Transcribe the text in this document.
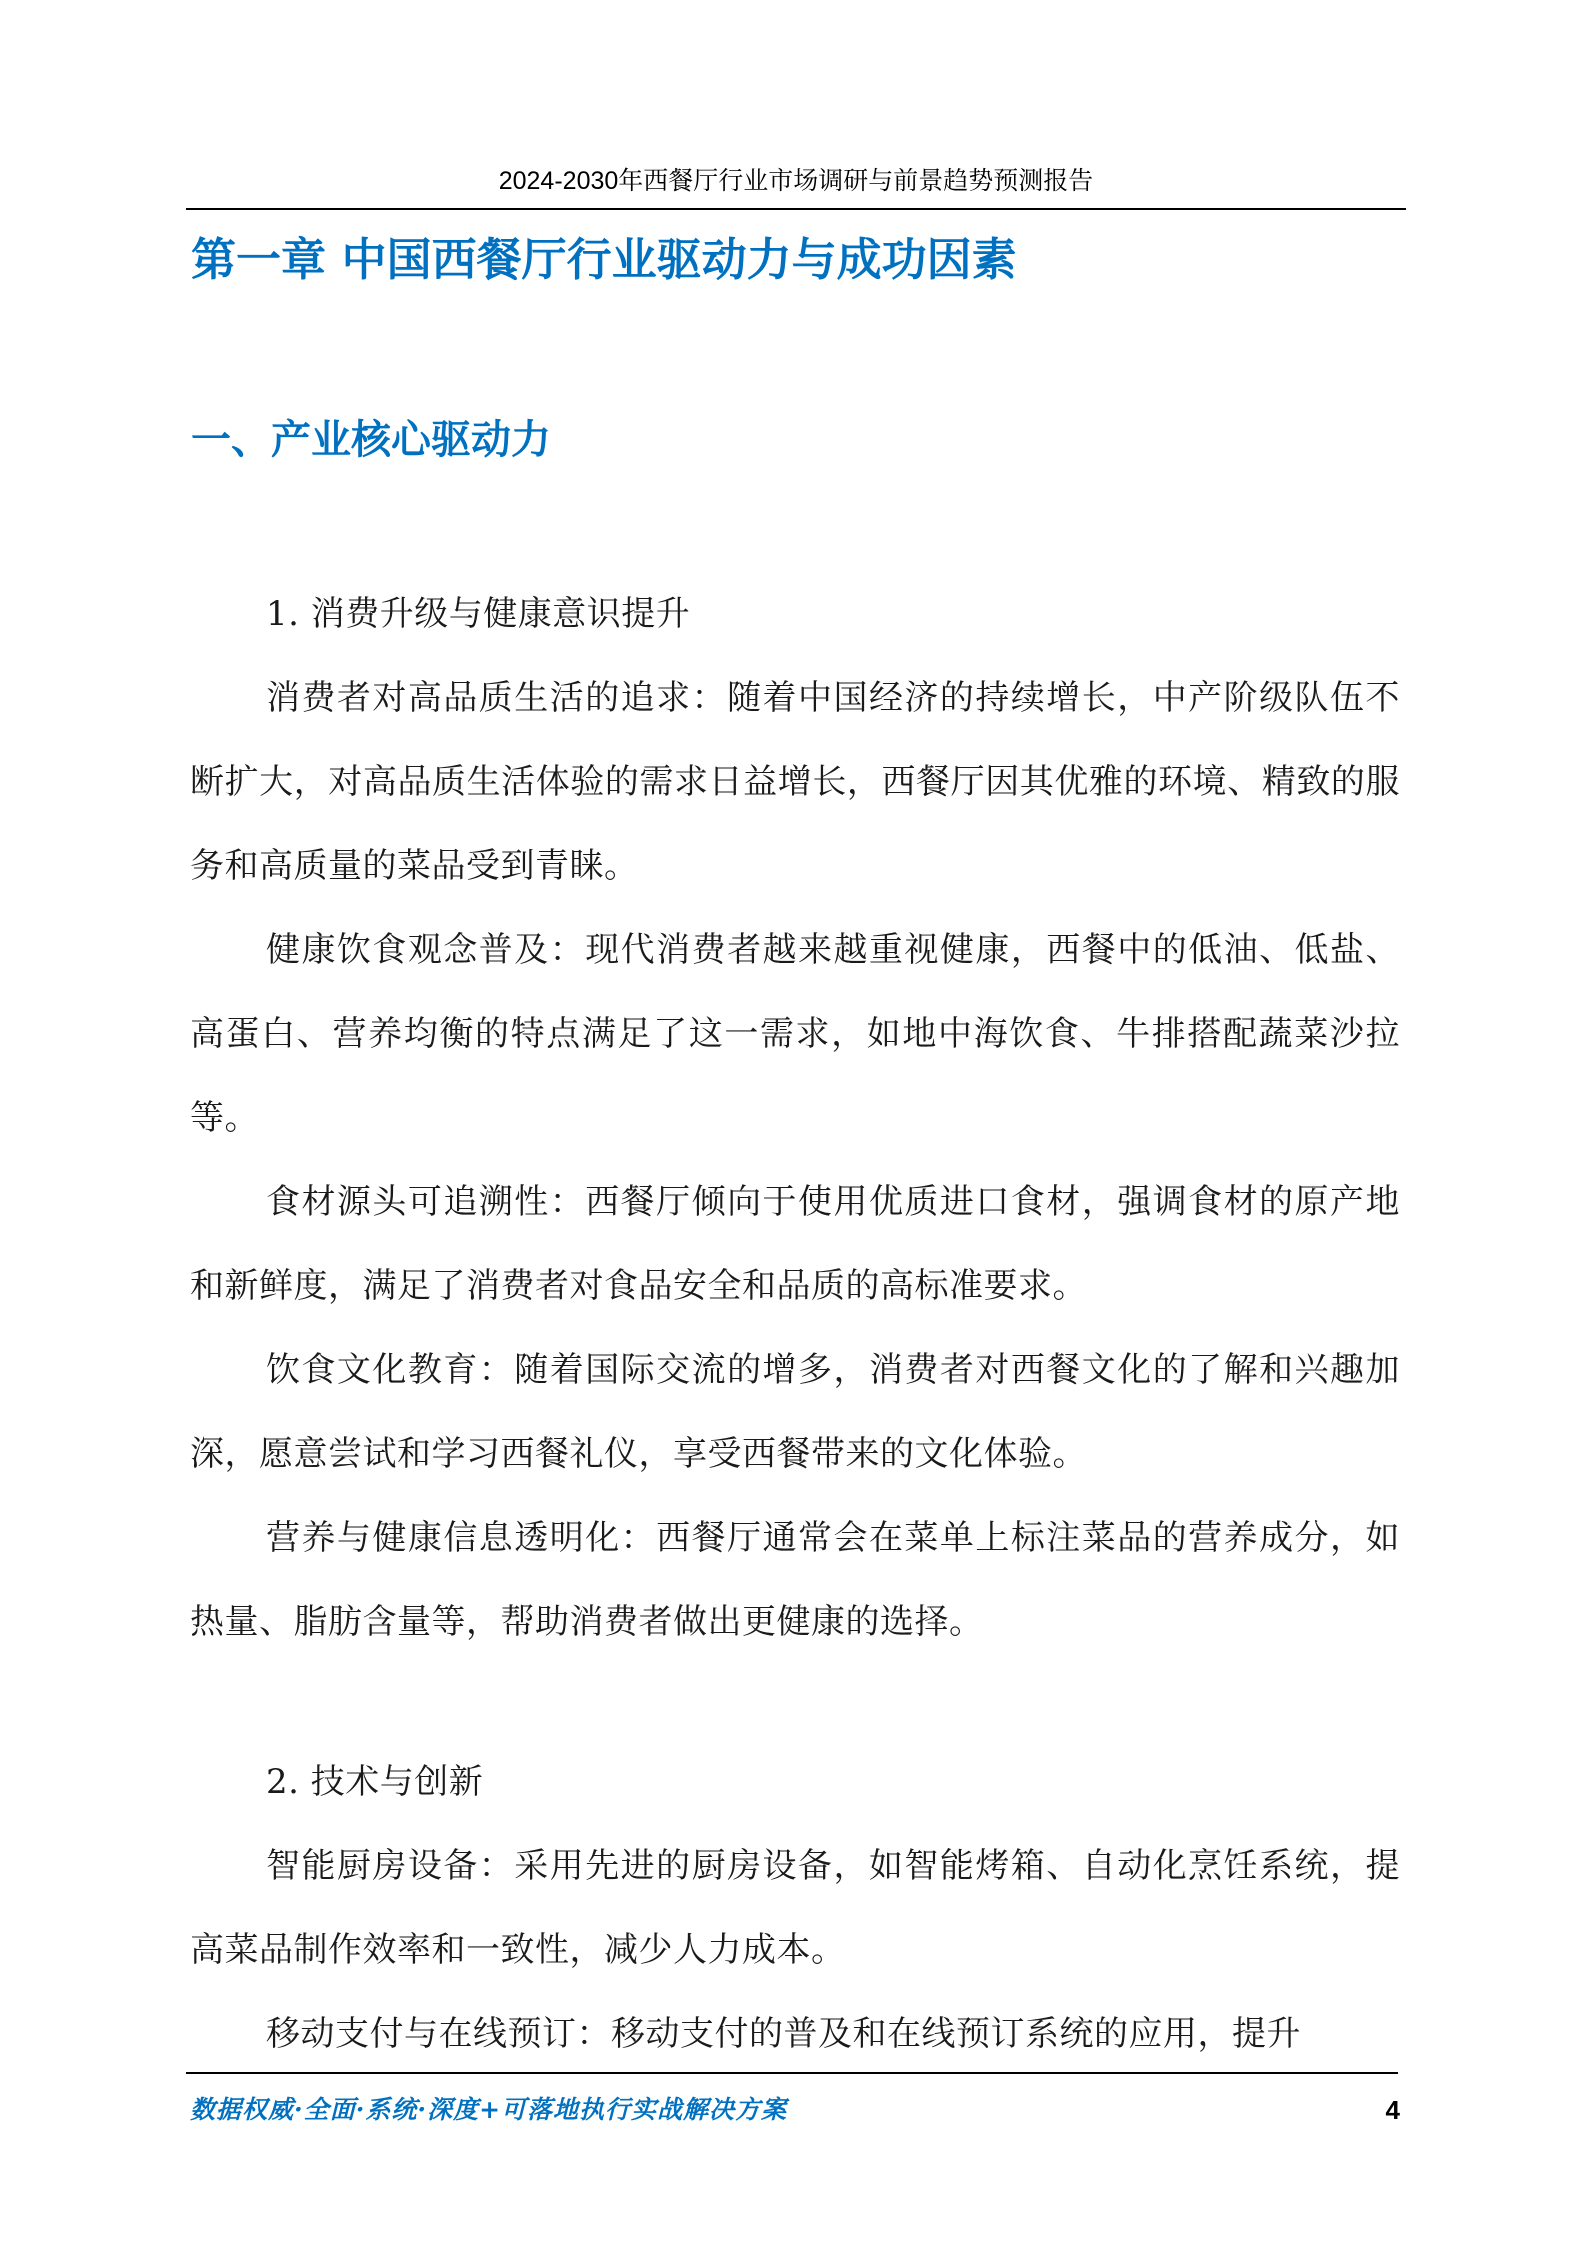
2024-2030年西餐厅行业市场调研与前景趋势预测报告
第一章 中国西餐厅行业驱动力与成功因素
一、产业核心驱动力

1. 消费升级与健康意识提升

消费者对高品质生活的追求：随着中国经济的持续增长，中产阶级队伍不断扩大，对高品质生活体验的需求日益增长，西餐厅因其优雅的环境、精致的服务和高质量的菜品受到青睐。

健康饮食观念普及：现代消费者越来越重视健康，西餐中的低油、低盐、高蛋白、营养均衡的特点满足了这一需求，如地中海饮食、牛排搭配蔬菜沙拉等。

食材源头可追溯性：西餐厅倾向于使用优质进口食材，强调食材的原产地和新鲜度，满足了消费者对食品安全和品质的高标准要求。

饮食文化教育：随着国际交流的增多，消费者对西餐文化的了解和兴趣加深，愿意尝试和学习西餐礼仪，享受西餐带来的文化体验。

营养与健康信息透明化：西餐厅通常会在菜单上标注菜品的营养成分，如热量、脂肪含量等，帮助消费者做出更健康的选择。

2. 技术与创新

智能厨房设备：采用先进的厨房设备，如智能烤箱、自动化烹饪系统，提高菜品制作效率和一致性，减少人力成本。

移动支付与在线预订：移动支付的普及和在线预订系统的应用，提升

数据权威·全面·系统·深度+可落地执行实战解决方案	4
